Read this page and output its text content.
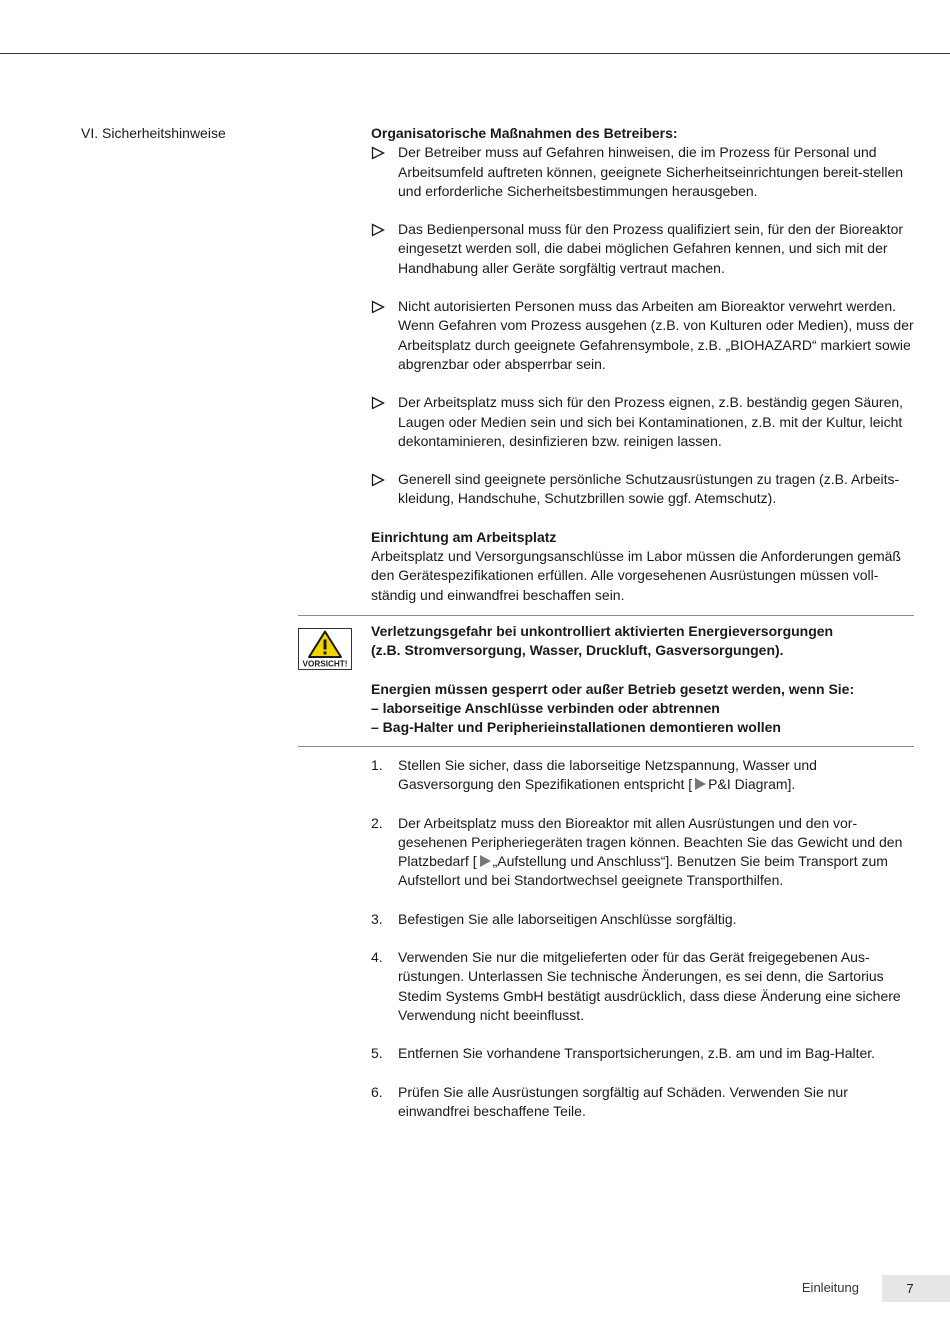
VI. Sicherheitshinweise	Organisatorische Maßnahmen des Betreibers:

Der Betreiber muss auf Gefahren hinweisen, die im Prozess für Personal und Arbeitsumfeld auftreten können, geeignete Sicherheitseinrichtungen bereit-stellen und erforderliche Sicherheitsbestimmungen herausgeben.
Das Bedienpersonal muss für den Prozess qualifiziert sein, für den der Bioreaktor eingesetzt werden soll, die dabei möglichen Gefahren kennen, und sich mit der Handhabung aller Geräte sorgfältig vertraut machen.
Nicht autorisierten Personen muss das Arbeiten am Bioreaktor verwehrt werden. Wenn Gefahren vom Prozess ausgehen (z.B. von Kulturen oder Medien), muss der Arbeitsplatz durch geeignete Gefahrensymbole, z.B. „BIOHAZARD“ markiert sowie abgrenzbar oder absperrbar sein.
Der Arbeitsplatz muss sich für den Prozess eignen, z.B. beständig gegen Säuren, Laugen oder Medien sein und sich bei Kontaminationen, z.B. mit der Kultur, leicht dekontaminieren, desinfizieren bzw. reinigen lassen.
Generell sind geeignete persönliche Schutzausrüstungen zu tragen (z.B. Arbeits-kleidung, Handschuhe, Schutzbrillen sowie ggf. Atemschutz).

Einrichtung am Arbeitsplatz

Arbeitsplatz und Versorgungsanschlüsse im Labor müssen die Anforderungen gemäß den Gerätespezifikationen erfüllen. Alle vorgesehenen Ausrüstungen müssen voll-ständig und einwandfrei beschaffen sein.

VORSICHT!
Verletzungsgefahr bei unkontrolliert aktivierten Energieversorgungen
(z.B. Stromversorgung, Wasser, Druckluft, Gasversorgungen).
Energien müssen gesperrt oder außer Betrieb gesetzt werden, wenn Sie:
– laborseitige Anschlüsse verbinden oder abtrennen
– Bag-Halter und Peripherieinstallationen demontieren wollen
1. Stellen Sie sicher, dass die laborseitige Netzspannung, Wasser und Gasversorgung den Spezifikationen entspricht [ P&I Diagram].
2. Der Arbeitsplatz muss den Bioreaktor mit allen Ausrüstungen und den vor-gesehenen Peripheriegeräten tragen können. Beachten Sie das Gewicht und den Platzbedarf [ „Aufstellung und Anschluss“]. Benutzen Sie beim Transport zum Aufstellort und bei Standortwechsel geeignete Transporthilfen.
3. Befestigen Sie alle laborseitigen Anschlüsse sorgfältig.
4. Verwenden Sie nur die mitgelieferten oder für das Gerät freigegebenen Aus-rüstungen. Unterlassen Sie technische Änderungen, es sei denn, die Sartorius Stedim Systems GmbH bestätigt ausdrücklich, dass diese Änderung eine sichere Verwendung nicht beeinflusst.
5. Entfernen Sie vorhandene Transportsicherungen, z.B. am und im Bag-Halter.
6. Prüfen Sie alle Ausrüstungen sorgfältig auf Schäden. Verwenden Sie nur einwandfrei beschaffene Teile.
Einleitung	7
